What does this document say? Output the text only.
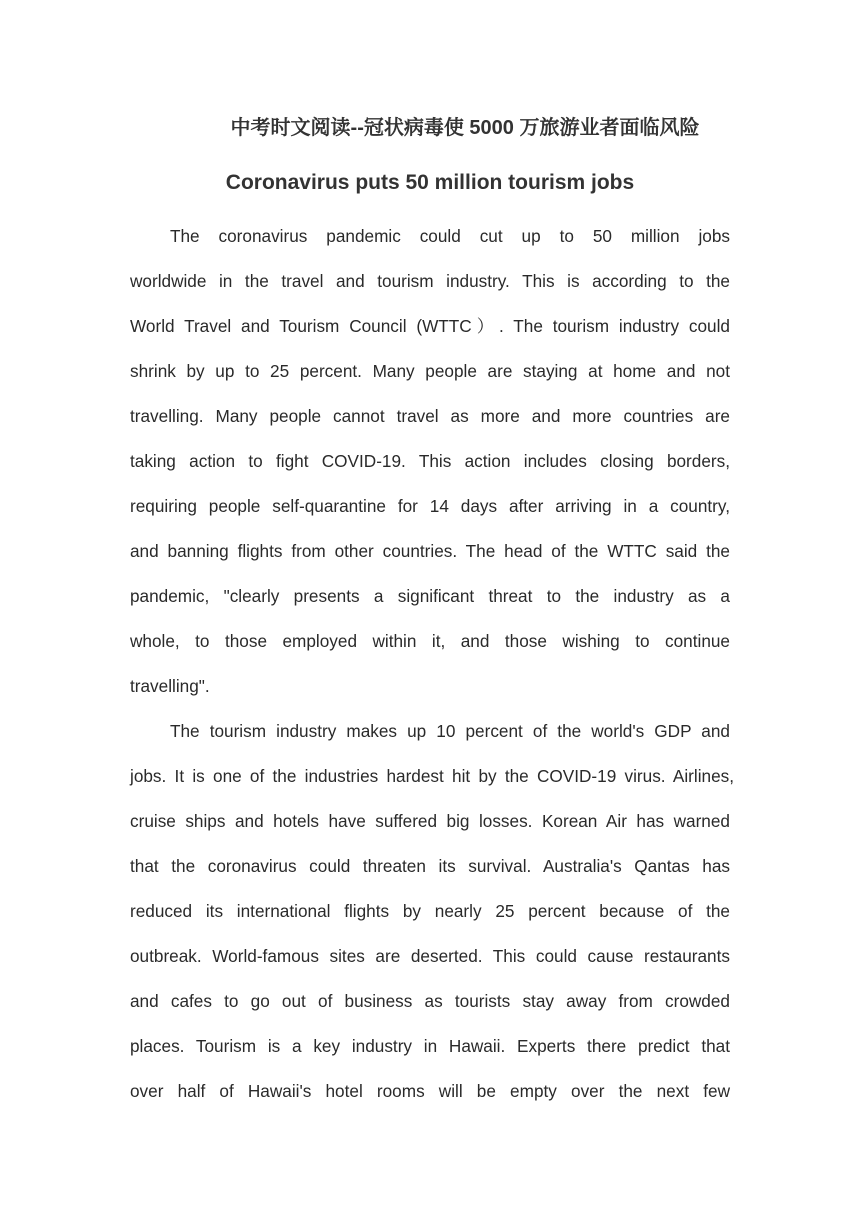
中考时文阅读--冠状病毒使 5000 万旅游业者面临风险
Coronavirus puts 50 million tourism jobs
The coronavirus pandemic could cut up to 50 million jobs
worldwide in the travel and tourism industry. This is according to the
World Travel and Tourism Council (WTTC）. The tourism industry could
shrink by up to 25 percent. Many people are staying at home and not
travelling. Many people cannot travel as more and more countries are
taking action to fight COVID-19. This action includes closing borders,
requiring people self-quarantine for 14 days after arriving in a country,
and banning flights from other countries. The head of the WTTC said the
pandemic, "clearly presents a significant threat to the industry as a
whole, to those employed within it, and those wishing to continue
travelling".
The tourism industry makes up 10 percent of the world's GDP and
jobs. It is one of the industries hardest hit by the COVID-19 virus. Airlines,
cruise ships and hotels have suffered big losses. Korean Air has warned
that the coronavirus could threaten its survival. Australia's Qantas has
reduced its international flights by nearly 25 percent because of the
outbreak. World-famous sites are deserted. This could cause restaurants
and cafes to go out of business as tourists stay away from crowded
places. Tourism is a key industry in Hawaii. Experts there predict that
over half of Hawaii's hotel rooms will be empty over the next few
